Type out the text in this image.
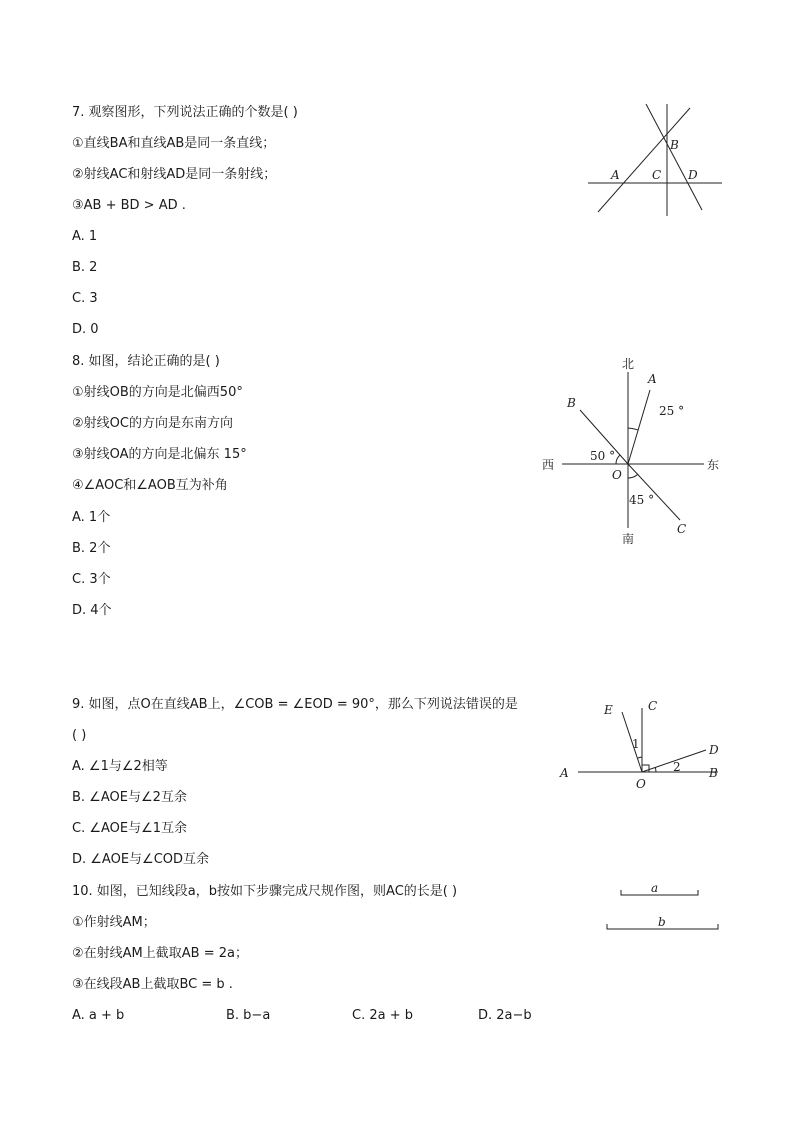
7. 观察图形，下列说法正确的个数是( )
①直线BA和直线AB是同一条直线；
②射线AC和射线AD是同一条射线；
③AB + BD > AD .
A. 1
B. 2
C. 3
D. 0
A
B
C D
8. 如图，结论正确的是( )
①射线OB的方向是北偏西50°
②射线OC的方向是东南方向
③射线OA的方向是北偏东 15°
④∠AOC和∠AOB互为补角
A. 1个
B. 2个
C. 3个
D. 4个
北
南
西	东
O
A
B
C
25 °
50 °
45 °
9. 如图，点O在直线AB上，∠COB = ∠EOD = 90°，那么下列说法错误的是
( )
A. ∠1与∠2相等
B. ∠AOE与∠2互余
C. ∠AOE与∠1互余
D. ∠AOE与∠COD互余
A	B
C
D
E
O
1
2
10. 如图，已知线段a，b按如下步骤完成尺规作图，则AC的长是( )
①作射线AM；
②在射线AM上截取AB = 2a；
③在线段AB上截取BC = b .
A. a + b	B. b−a	C. 2a + b	D. 2a−b
a
b
